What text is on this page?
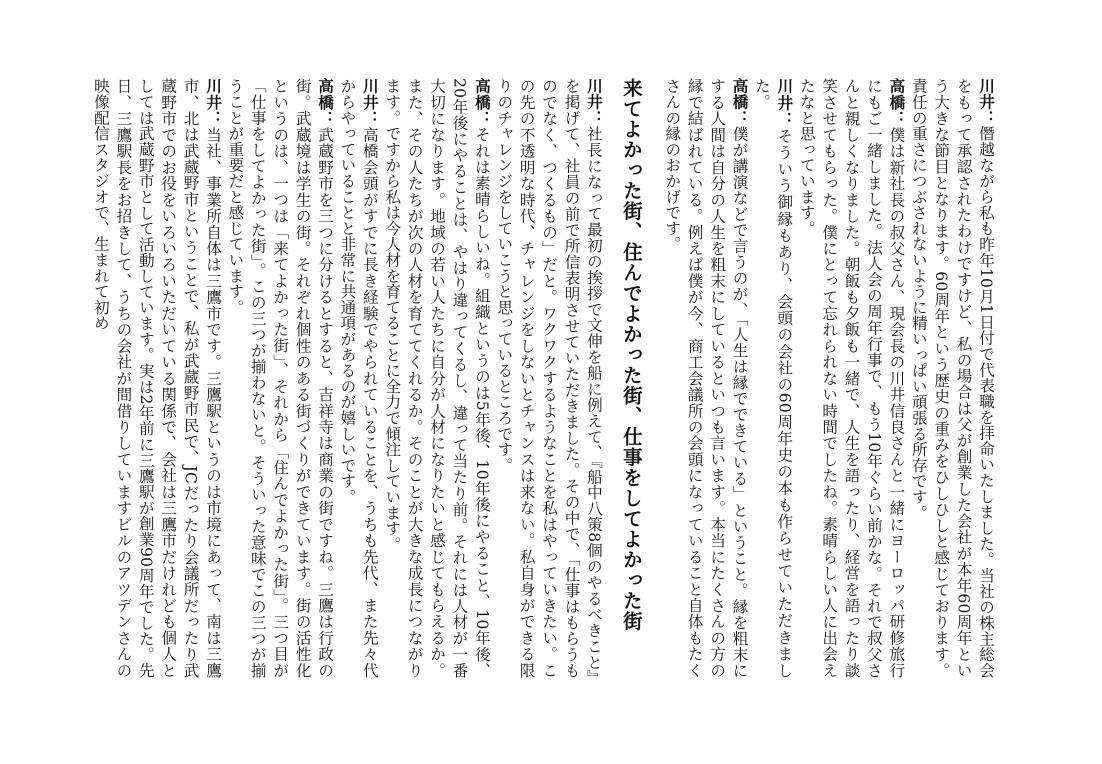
川井：僭越ながら私も昨年10月1日付で代表職を拝命いたしました。当社の株主総会をもって承認されたわけですけど、私の場合は父が創業した会社が本年60周年という大きな節目となります。60周年という歴史の重みをひしひしと感じております。責任の重さにつぶされないように精いっぱい頑張る所存です。

高橋：僕は新社長の叔父さん、現会長の川井信良さんと一緒にヨーロッパ研修旅行にもご一緒しました。法人会の周年行事で、もう10年ぐらい前かな。それで叔父さんと親しくなりました。朝飯も夕飯も一緒で、人生を語ったり、経営を語ったり談笑させてもらった。僕にとって忘れられない時間でしたね。素晴らしい人に出会えたなと思っています。

川井：そういう御縁もあり、会頭の会社の60周年史の本も作らせていただきました。

高橋：僕が講演などで言うのが、「人生は縁でできている」ということ。縁を粗末にする人間は自分の人生を粗末にしているといつも言います。本当にたくさんの方の縁で結ばれている。例えば僕が今、商工会議所の会頭になっていること自体もたくさんの縁のおかげです。

来てよかった街、住んでよかった街、仕事をしてよかった街

川井：社長になって最初の挨拶で文伸を船に例えて、『船中八策8個のやるべきこと』を掲げて、社員の前で所信表明させていただきました。その中で、「仕事はもらうものでなく、つくるもの」だと。ワクワクするようなことを私はやっていきたい。この先の不透明な時代、チャレンジをしないとチャンスは来ない。私自身ができる限りのチャレンジをしていこうと思っているところです。

高橋：それは素晴らしいね。組織というのは5年後、10年後にやること、10年後、20年後にやることは、やはり違ってくるし、違って当たり前。それには人材が一番大切になります。地域の若い人たちに自分が人材になりたいと感じてもらえるか。また、その人たちが次の人材を育ててくれるか。そのことが大きな成長につながります。ですから私は今人材を育てることに全力で傾注しています。

川井：高橋会頭がすでに長き経験でやられていることを、うちも先代、また先々代からやっていることと非常に共通項があるのが嬉しいです。

高橋：武蔵野市を三つに分けるとすると、吉祥寺は商業の街ですね。三鷹は行政の街。武蔵境は学生の街。それぞれ個性のある街づくりができています。街の活性化というのは、一つは「来てよかった街」、それから「住んでよかった街」。三つ目が「仕事をしてよかった街」。この三つが揃わないと。そういった意味でこの三つが揃うことが重要だと感じています。

川井：当社、事業所自体は三鷹市です。三鷹駅というのは市境にあって、南は三鷹市、北は武蔵野市ということで、私が武蔵野市民で、JCだったり会議所だったり武蔵野市でのお役をいろいろいただいている関係で、会社は三鷹市だけれども個人としては武蔵野市として活動しています。実は2年前に三鷹駅が創業90周年でした。先日、三鷹駅長をお招きして、うちの会社が間借りしていますビルのアツデンさんの映像配信スタジオで、生まれて初め
